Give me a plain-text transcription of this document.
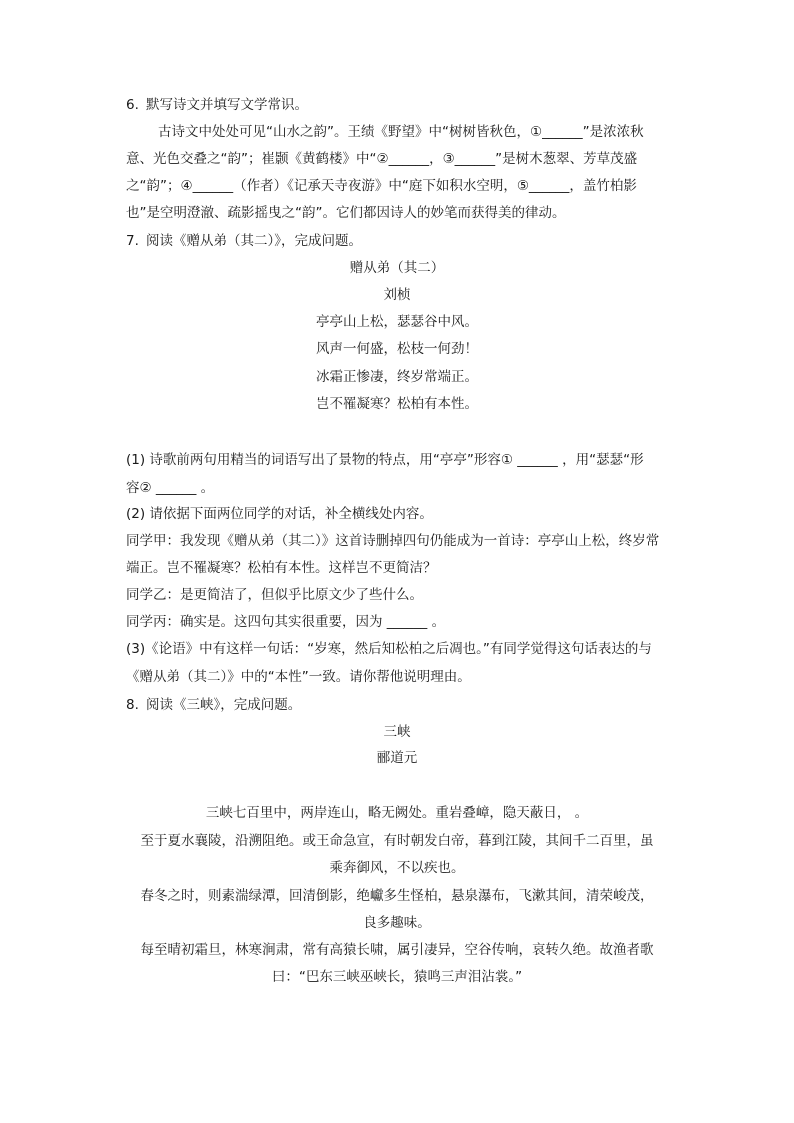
6. 默写诗文并填写文学常识。

古诗文中处处可见“山水之韵”。王绩《野望》中“树树皆秋色，①______”是浓浓秋

意、光色交叠之“韵”；崔颢《黄鹤楼》中“②______，③______”是树木葱翠、芳草茂盛

之“韵”；④______（作者）《记承天寺夜游》中“庭下如积水空明，⑤______，盖竹柏影

也”是空明澄澈、疏影摇曳之“韵”。它们都因诗人的妙笔而获得美的律动。

7. 阅读《赠从弟（其二）》，完成问题。

赠从弟（其二）

刘桢

亭亭山上松，瑟瑟谷中风。

风声一何盛，松枝一何劲！

冰霜正惨凄，终岁常端正。

岂不罹凝寒？松柏有本性。

(1) 诗歌前两句用精当的词语写出了景物的特点，用“亭亭”形容① ______ ，用“瑟瑟“形

容② ______ 。

(2) 请依据下面两位同学的对话，补全横线处内容。

同学甲：我发现《赠从弟（其二）》这首诗删掉四句仍能成为一首诗：亭亭山上松，终岁常

端正。岂不罹凝寒？松柏有本性。这样岂不更简洁？

同学乙：是更简洁了，但似乎比原文少了些什么。

同学丙：确实是。这四句其实很重要，因为 ______ 。

(3)《论语》中有这样一句话：“岁寒，然后知松柏之后凋也。”有同学觉得这句话表达的与

《赠从弟（其二）》中的“本性”一致。请你帮他说明理由。

8. 阅读《三峡》，完成问题。

三峡

郦道元

三峡七百里中，两岸连山，略无阙处。重岩叠嶂，隐天蔽日， 。

至于夏水襄陵，沿溯阻绝。或王命急宣，有时朝发白帝，暮到江陵，其间千二百里，虽

乘奔御风，不以疾也。

春冬之时，则素湍绿潭，回清倒影，绝巘多生怪柏，悬泉瀑布，飞漱其间，清荣峻茂，

良多趣味。

每至晴初霜旦，林寒涧肃，常有高猿长啸，属引凄异，空谷传响，哀转久绝。故渔者歌

曰：“巴东三峡巫峡长，猿鸣三声泪沾裳。”
